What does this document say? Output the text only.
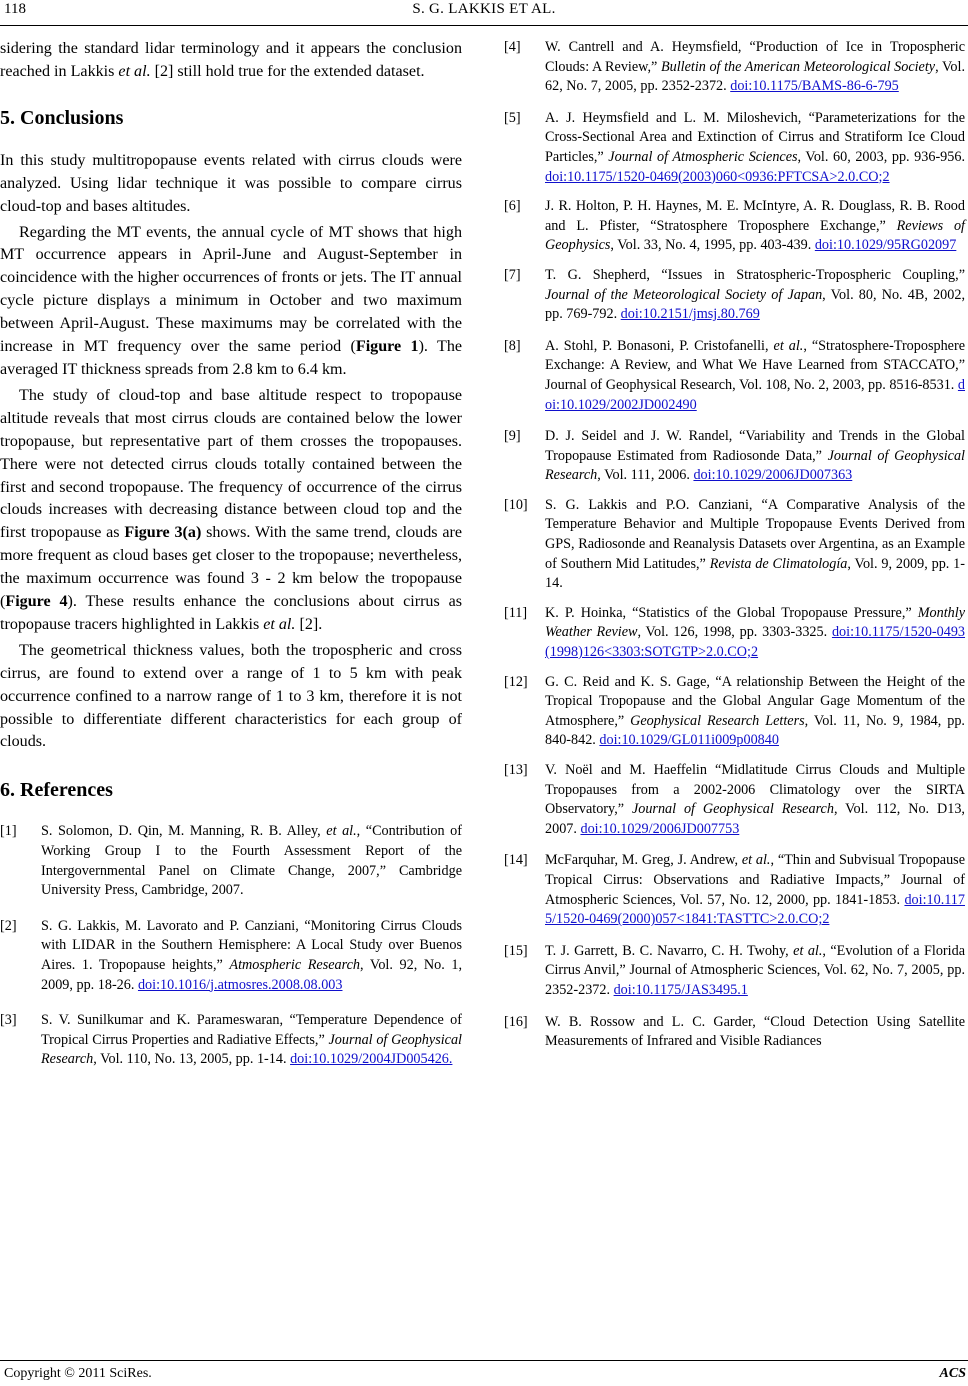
118	S. G. LAKKIS ET AL.

sidering the standard lidar terminology and it appears the conclusion reached in Lakkis et al. [2] still hold true for the extended dataset.

5. Conclusions

In this study multitropopause events related with cirrus clouds were analyzed. Using lidar technique it was possible to compare cirrus cloud-top and bases altitudes.

Regarding the MT events, the annual cycle of MT shows that high MT occurrence appears in April-June and August-September in coincidence with the higher occurrences of fronts or jets. The IT annual cycle picture displays a minimum in October and two maximum between April-August. These maximums may be correlated with the increase in MT frequency over the same period (Figure 1). The averaged IT thickness spreads from 2.8 km to 6.4 km.

The study of cloud-top and base altitude respect to tropopause altitude reveals that most cirrus clouds are contained below the lower tropopause, but representative part of them crosses the tropopauses. There were not detected cirrus clouds totally contained between the first and second tropopause. The frequency of occurrence of the cirrus clouds increases with decreasing distance between cloud top and the first tropopause as Figure 3(a) shows. With the same trend, clouds are more frequent as cloud bases get closer to the tropopause; nevertheless, the maximum occurrence was found 3 - 2 km below the tropopause (Figure 4). These results enhance the conclusions about cirrus as tropopause tracers highlighted in Lakkis et al. [2].

The geometrical thickness values, both the tropospheric and cross cirrus, are found to extend over a range of 1 to 5 km with peak occurrence confined to a narrow range of 1 to 3 km, therefore it is not possible to differentiate different characteristics for each group of clouds.

6. References
[1] S. Solomon, D. Qin, M. Manning, R. B. Alley, et al., “Contribution of Working Group I to the Fourth Assessment Report of the Intergovernmental Panel on Climate Change, 2007,” Cambridge University Press, Cambridge, 2007.
[2] S. G. Lakkis, M. Lavorato and P. Canziani, “Monitoring Cirrus Clouds with LIDAR in the Southern Hemisphere: A Local Study over Buenos Aires. 1. Tropopause heights,” Atmospheric Research, Vol. 92, No. 1, 2009, pp. 18-26. doi:10.1016/j.atmosres.2008.08.003
[3] S. V. Sunilkumar and K. Parameswaran, “Temperature Dependence of Tropical Cirrus Properties and Radiative Effects,” Journal of Geophysical Research, Vol. 110, No. 13, 2005, pp. 1-14. doi:10.1029/2004JD005426.
[4] W. Cantrell and A. Heymsfield, “Production of Ice in Tropospheric Clouds: A Review,” Bulletin of the American Meteorological Society, Vol. 62, No. 7, 2005, pp. 2352-2372. doi:10.1175/BAMS-86-6-795
[5] A. J. Heymsfield and L. M. Miloshevich, “Parameterizations for the Cross-Sectional Area and Extinction of Cirrus and Stratiform Ice Cloud Particles,” Journal of Atmospheric Sciences, Vol. 60, 2003, pp. 936-956. doi:10.1175/1520-0469(2003)060<0936:PFTCSA>2.0.CO;2
[6] J. R. Holton, P. H. Haynes, M. E. McIntyre, A. R. Douglass, R. B. Rood and L. Pfister, “Stratosphere Troposphere Exchange,” Reviews of Geophysics, Vol. 33, No. 4, 1995, pp. 403-439. doi:10.1029/95RG02097
[7] T. G. Shepherd, “Issues in Stratospheric-Tropospheric Coupling,” Journal of the Meteorological Society of Japan, Vol. 80, No. 4B, 2002, pp. 769-792. doi:10.2151/jmsj.80.769
[8] A. Stohl, P. Bonasoni, P. Cristofanelli, et al., “Stratosphere-Troposphere Exchange: A Review, and What We Have Learned from STACCATO,” Journal of Geophysical Research, Vol. 108, No. 2, 2003, pp. 8516-8531. doi:10.1029/2002JD002490
[9] D. J. Seidel and J. W. Randel, “Variability and Trends in the Global Tropopause Estimated from Radiosonde Data,” Journal of Geophysical Research, Vol. 111, 2006. doi:10.1029/2006JD007363
[10] S. G. Lakkis and P.O. Canziani, “A Comparative Analysis of the Temperature Behavior and Multiple Tropopause Events Derived from GPS, Radiosonde and Reanalysis Datasets over Argentina, as an Example of Southern Mid Latitudes,” Revista de Climatología, Vol. 9, 2009, pp. 1-14.
[11] K. P. Hoinka, “Statistics of the Global Tropopause Pressure,” Monthly Weather Review, Vol. 126, 1998, pp. 3303-3325. doi:10.1175/1520-0493(1998)126<3303:SOTGTP>2.0.CO;2
[12] G. C. Reid and K. S. Gage, “A relationship Between the Height of the Tropical Tropopause and the Global Angular Gage Momentum of the Atmosphere,” Geophysical Research Letters, Vol. 11, No. 9, 1984, pp. 840-842. doi:10.1029/GL011i009p00840
[13] V. Noël and M. Haeffelin “Midlatitude Cirrus Clouds and Multiple Tropopauses from a 2002-2006 Climatology over the SIRTA Observatory,” Journal of Geophysical Research, Vol. 112, No. D13, 2007. doi:10.1029/2006JD007753
[14] McFarquhar, M. Greg, J. Andrew, et al., “Thin and Subvisual Tropopause Tropical Cirrus: Observations and Radiative Impacts,” Journal of Atmospheric Sciences, Vol. 57, No. 12, 2000, pp. 1841-1853. doi:10.1175/1520-0469(2000)057<1841:TASTTC>2.0.CO;2
[15] T. J. Garrett, B. C. Navarro, C. H. Twohy, et al., “Evolution of a Florida Cirrus Anvil,” Journal of Atmospheric Sciences, Vol. 62, No. 7, 2005, pp. 2352-2372. doi:10.1175/JAS3495.1
[16] W. B. Rossow and L. C. Garder, “Cloud Detection Using Satellite Measurements of Infrared and Visible Radiances
Copyright © 2011 SciRes.	ACS
